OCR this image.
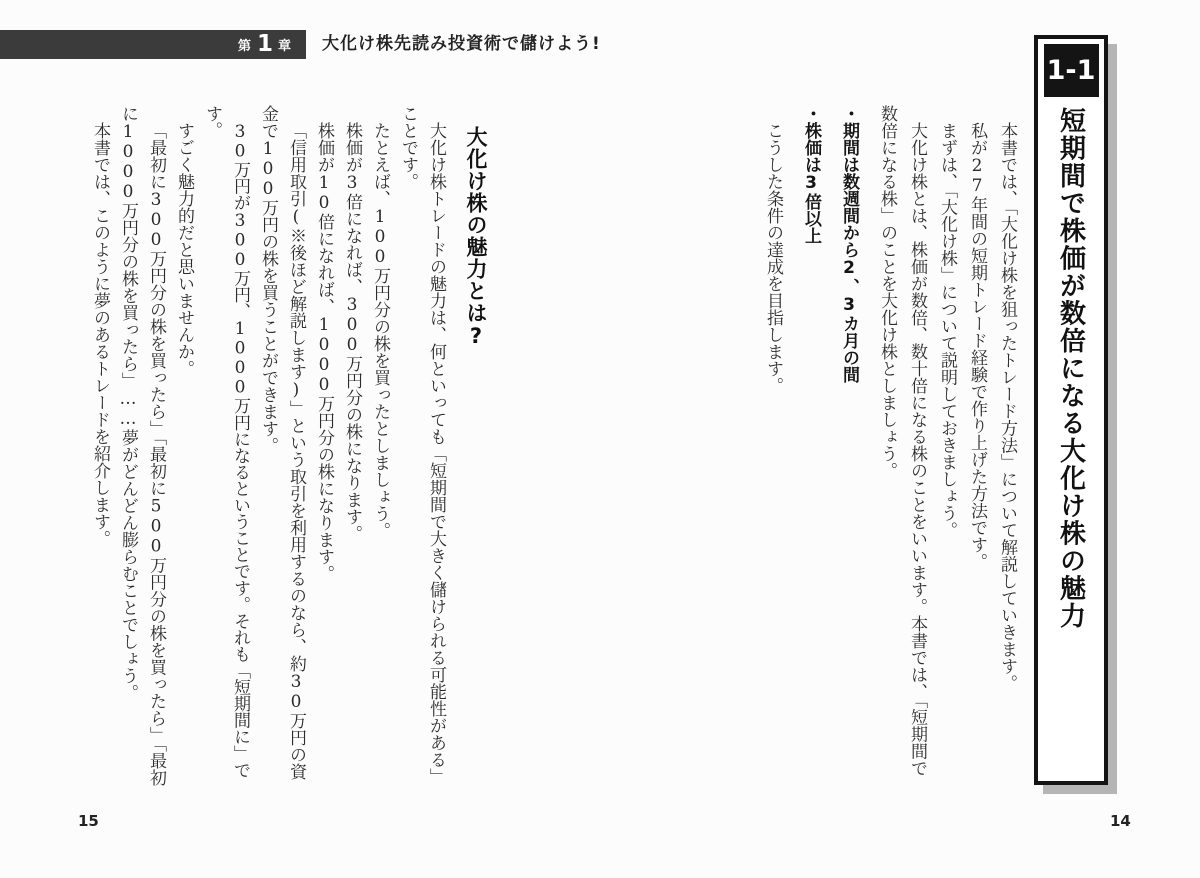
第 1 章 大化け株先読み投資術で儲けよう!
1-1
短期間で株価が数倍になる大化け株の魅力

本書では、「大化け株を狙ったトレード方法」について解説していきます。

私が27年間の短期トレード経験で作り上げた方法です。

まずは、「大化け株」について説明しておきましょう。

大化け株とは、株価が数倍、数十倍になる株のことをいいます。本書では、「短期間で数倍になる株」のことを大化け株としましょう。

・期間は数週間から2、3カ月の間

・株価は3倍以上

こうした条件の達成を目指します。

大化け株の魅力とは?

大化け株トレードの魅力は、何といっても「短期間で大きく儲けられる可能性がある」ことです。

たとえば、100万円分の株を買ったとしましょう。

株価が3倍になれば、300万円分の株になります。

株価が10倍になれば、1000万円分の株になります。

「信用取引(※後ほど解説します)」という取引を利用するのなら、約30万円の資金で100万円の株を買うことができます。

30万円が300万円、1000万円になるということです。それも「短期間に」です。

すごく魅力的だと思いませんか。

「最初に300万円分の株を買ったら」「最初に500万円分の株を買ったら」「最初に1000万円分の株を買ったら」……夢がどんどん膨らむことでしょう。

本書では、このように夢のあるトレードを紹介します。

15	14
